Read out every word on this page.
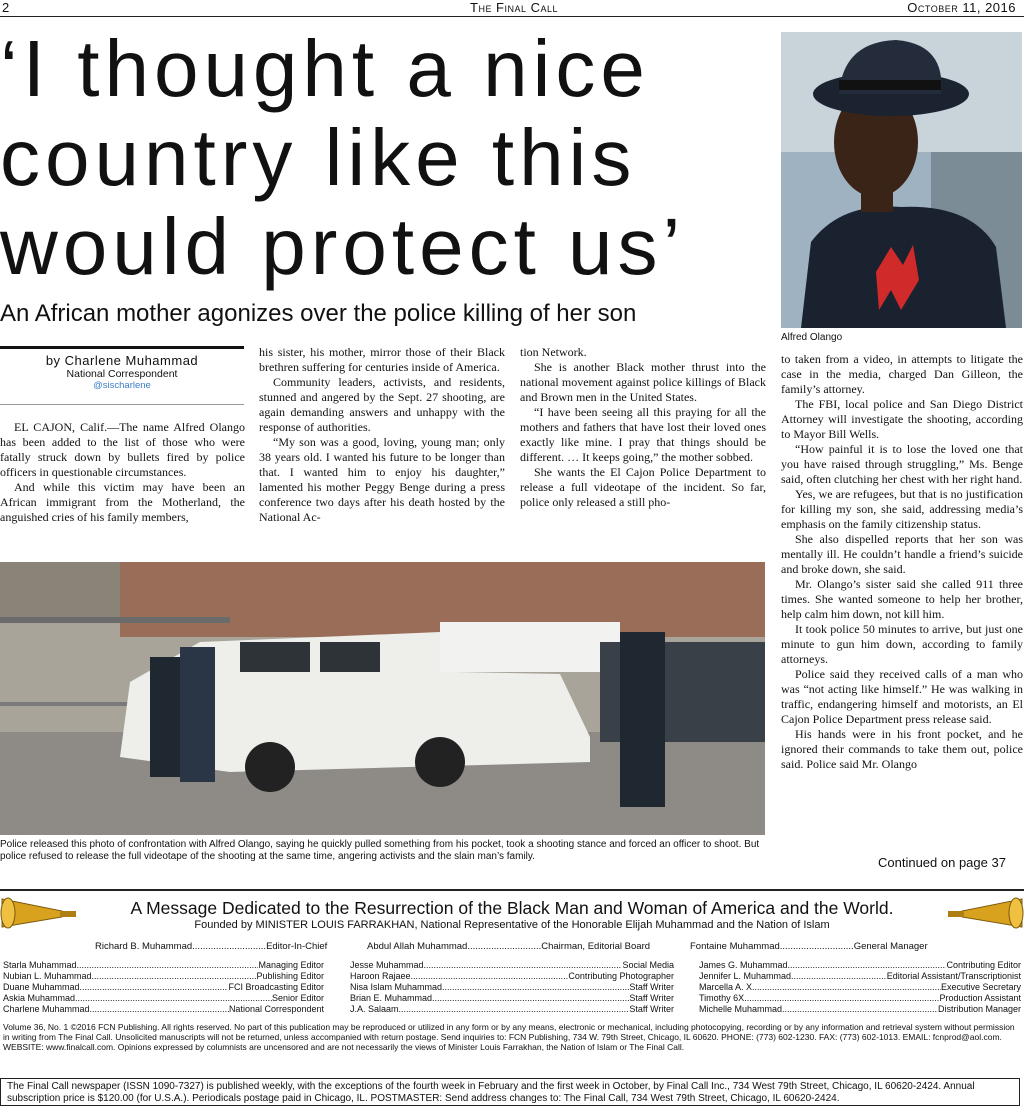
2	The Final Call	October 11, 2016
‘I thought a nice
country like this
would protect us’
An African mother agonizes over the police killing of her son
Alfred Olango
by Charlene Muhammad
National Correspondent
@sischarlene

EL CAJON, Calif.—The name Alfred Olango has been added to the list of those who were fatally struck down by bullets fired by police officers in questionable circumstances.

And while this victim may have been an African immigrant from the Motherland, the anguished cries of his family members,

his sister, his mother, mirror those of their Black brethren suffering for centuries inside of America.

Community leaders, activists, and residents, stunned and angered by the Sept. 27 shooting, are again demanding answers and unhappy with the response of authorities.

“My son was a good, loving, young man; only 38 years old. I wanted his future to be longer than that. I wanted him to enjoy his daughter,” lamented his mother Peggy Benge during a press conference two days after his death hosted by the National Ac-

tion Network.

She is another Black mother thrust into the national movement against police killings of Black and Brown men in the United States.

“I have been seeing all this praying for all the mothers and fathers that have lost their loved ones exactly like mine. I pray that things should be different. … It keeps going,” the mother sobbed.

She wants the El Cajon Police Department to release a full videotape of the incident. So far, police only released a still pho-

to taken from a video, in attempts to litigate the case in the media, charged Dan Gilleon, the family’s attorney.

The FBI, local police and San Diego District Attorney will investigate the shooting, according to Mayor Bill Wells.

“How painful it is to lose the loved one that you have raised through struggling,” Ms. Benge said, often clutching her chest with her right hand.

Yes, we are refugees, but that is no justification for killing my son, she said, addressing media’s emphasis on the family citizenship status.

She also dispelled reports that her son was mentally ill. He couldn’t handle a friend’s suicide and broke down, she said.

Mr. Olango’s sister said she called 911 three times. She wanted someone to help her brother, help calm him down, not kill him.

It took police 50 minutes to arrive, but just one minute to gun him down, according to family attorneys.

Police said they received calls of a man who was “not acting like himself.” He was walking in traffic, endangering himself and motorists, an El Cajon Police Department press release said.

His hands were in his front pocket, and he ignored their commands to take them out, police said. Police said Mr. Olango

Continued on page 37
Police released this photo of confrontation with Alfred Olango, saying he quickly pulled something from his pocket, took a shooting stance and forced an officer to shoot. But police refused to release the full videotape of the shooting at the same time, angering activists and the slain man’s family.
A Message Dedicated to the Resurrection of the Black Man and Woman of America and the World.
Founded by MINISTER LOUIS FARRAKHAN, National Representative of the Honorable Elijah Muhammad and the Nation of Islam
Richard B. Muhammad............................Editor-In-Chief	Abdul Allah Muhammad............................Chairman, Editorial Board	Fontaine Muhammad............................General Manager
Starla Muhammad .....	Managing Editor
Nubian L. Muhammad .....	Publishing Editor
Duane Muhammad .....	FCI Broadcasting Editor
Askia Muhammad .....	Senior Editor
Charlene Muhammad .....	National Correspondent
Jesse Muhammad .....	Social Media
Haroon Rajaee .....	Contributing Photographer
Nisa Islam Muhammad .....	Staff Writer
Brian E. Muhammad .....	Staff Writer
J.A. Salaam .....	Staff Writer
James G. Muhammad .....	Contributing Editor
Jennifer L. Muhammad .....	Editorial Assistant/Transcriptionist
Marcella A. X. .....	Executive Secretary
Timothy 6X .....	Production Assistant
Michelle Muhammad .....	Distribution Manager
Volume 36, No. 1 ©2016 FCN Publishing. All rights reserved. No part of this publication may be reproduced or utilized in any form or by any means, electronic or mechanical, including photocopying, recording or by any information and retrieval system without permission in writing from The Final Call. Unsolicited manuscripts will not be returned, unless accompanied with return postage. Send inquiries to: FCN Publishing, 734 W. 79th Street, Chicago, IL 60620. PHONE: (773) 602-1230. FAX: (773) 602-1013. EMAIL: fcnprod@aol.com. WEBSITE: www.finalcall.com. Opinions expressed by columnists are uncensored and are not necessarily the views of Minister Louis Farrakhan, the Nation of Islam or The Final Call.
The Final Call newspaper (ISSN 1090-7327) is published weekly, with the exceptions of the fourth week in February and the first week in October, by Final Call Inc., 734 West 79th Street, Chicago, IL 60620-2424. Annual subscription price is $120.00 (for U.S.A.). Periodicals postage paid in Chicago, IL. POSTMASTER: Send address changes to: The Final Call, 734 West 79th Street, Chicago, IL 60620-2424.
